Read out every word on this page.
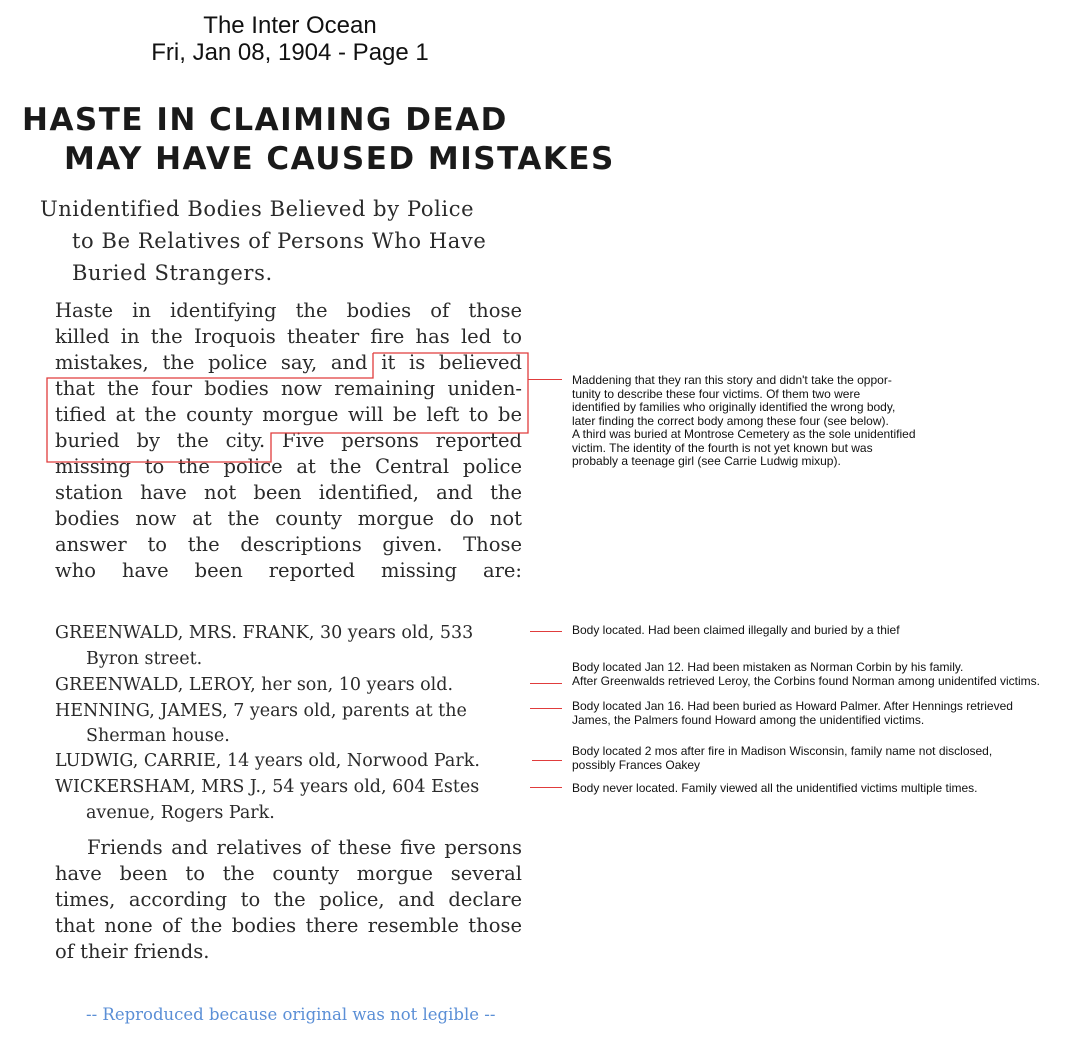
The Inter Ocean
Fri, Jan 08, 1904 - Page 1
HASTE IN CLAIMING DEAD
MAY HAVE CAUSED MISTAKES
Unidentified Bodies Believed by Police
to Be Relatives of Persons Who Have
Buried Strangers.
Haste in identifying the bodies of those
killed in the Iroquois theater fire has led to
mistakes, the police say, and it is believed
that the four bodies now remaining uniden-
tified at the county morgue will be left to be
buried by the city. Five persons reported
missing to the police at the Central police
station have not been identified, and the
bodies now at the county morgue do not
answer to the descriptions given. Those
who have been reported missing are:
GREENWALD, MRS. FRANK, 30 years old, 533
Byron street.
GREENWALD, LEROY, her son, 10 years old.
HENNING, JAMES, 7 years old, parents at the
Sherman house.
LUDWIG, CARRIE, 14 years old, Norwood Park.
WICKERSHAM, MRS J., 54 years old, 604 Estes
avenue, Rogers Park.
Friends and relatives of these five persons
have been to the county morgue several
times, according to the police, and declare
that none of the bodies there resemble those
of their friends.
-- Reproduced because original was not legible --
Maddening that they ran this story and didn't take the oppor-
tunity to describe these four victims. Of them two were
identified by families who originally identified the wrong body,
later finding the correct body among these four (see below).
A third was buried at Montrose Cemetery as the sole unidentified
victim. The identity of the fourth is not yet known but was
probably a teenage girl (see Carrie Ludwig mixup).
Body located. Had been claimed illegally and buried by a thief
Body located Jan 12. Had been mistaken as Norman Corbin by his family.
After Greenwalds retrieved Leroy, the Corbins found Norman among unidentifed victims.
Body located Jan 16. Had been buried as Howard Palmer. After Hennings retrieved
James, the Palmers found Howard among the unidentified victims.
Body located 2 mos after fire in Madison Wisconsin, family name not disclosed,
possibly Frances Oakey
Body never located. Family viewed all the unidentified victims multiple times.
